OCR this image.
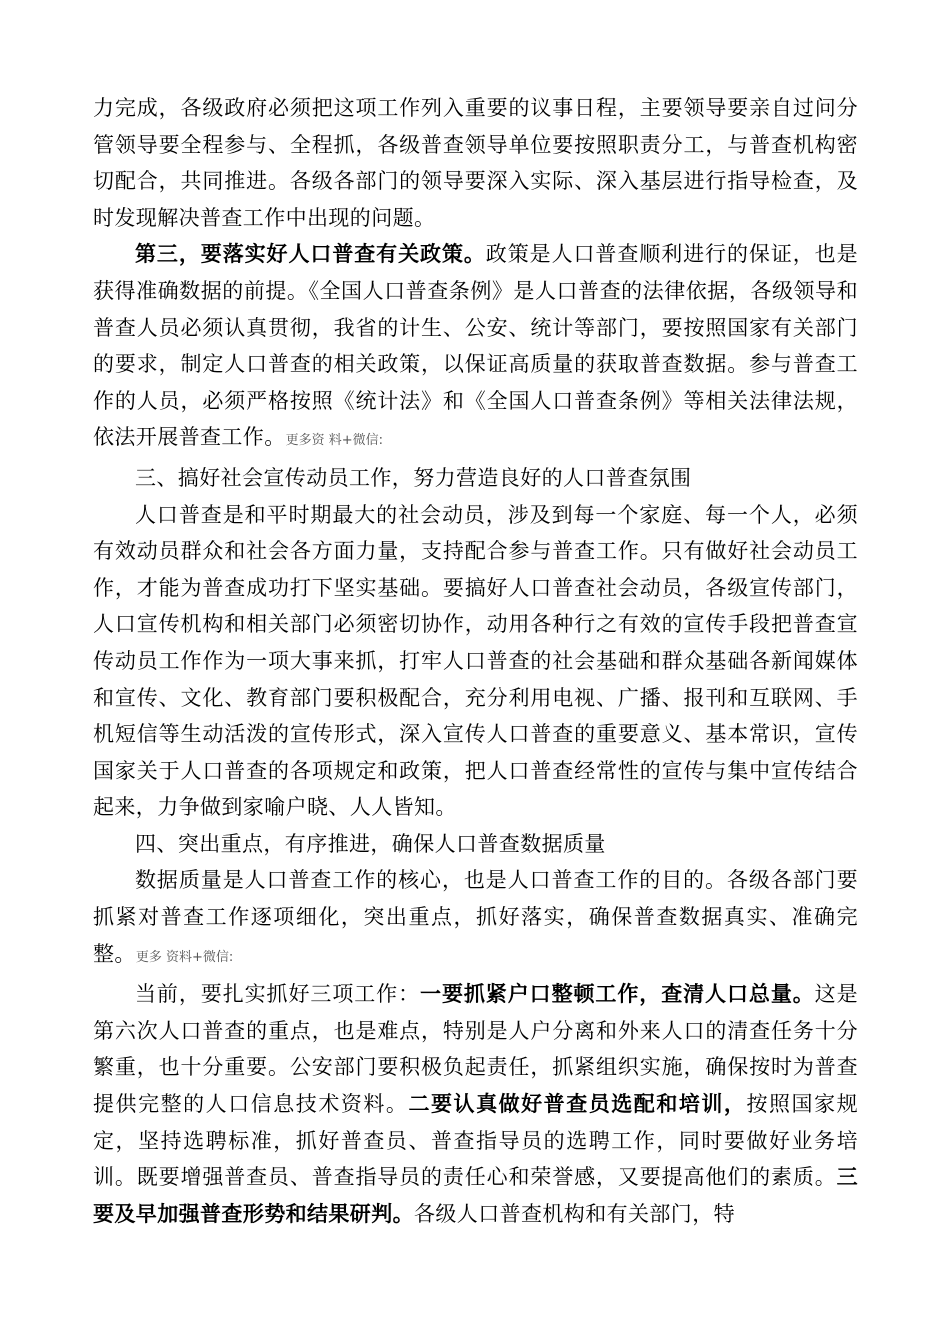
力完成，各级政府必须把这项工作列入重要的议事日程，主要领导要亲自过问分管领导要全程参与、全程抓，各级普查领导单位要按照职责分工，与普查机构密切配合，共同推进。各级各部门的领导要深入实际、深入基层进行指导检查，及时发现解决普查工作中出现的问题。

第三，要落实好人口普查有关政策。政策是人口普查顺利进行的保证，也是获得准确数据的前提。《全国人口普查条例》是人口普查的法律依据，各级领导和普查人员必须认真贯彻，我省的计生、公安、统计等部门，要按照国家有关部门的要求，制定人口普查的相关政策，以保证高质量的获取普查数据。参与普查工作的人员，必须严格按照《统计法》和《全国人口普查条例》等相关法律法规，依法开展普查工作。更多资 料+微信:

三、搞好社会宣传动员工作，努力营造良好的人口普查氛围

人口普查是和平时期最大的社会动员，涉及到每一个家庭、每一个人，必须有效动员群众和社会各方面力量，支持配合参与普查工作。只有做好社会动员工作，才能为普查成功打下坚实基础。要搞好人口普查社会动员，各级宣传部门，人口宣传机构和相关部门必须密切协作，动用各种行之有效的宣传手段把普查宣传动员工作作为一项大事来抓，打牢人口普查的社会基础和群众基础各新闻媒体和宣传、文化、教育部门要积极配合，充分利用电视、广播、报刊和互联网、手机短信等生动活泼的宣传形式，深入宣传人口普查的重要意义、基本常识，宣传国家关于人口普查的各项规定和政策，把人口普查经常性的宣传与集中宣传结合起来，力争做到家喻户晓、人人皆知。

四、突出重点，有序推进，确保人口普查数据质量

数据质量是人口普查工作的核心，也是人口普查工作的目的。各级各部门要抓紧对普查工作逐项细化，突出重点，抓好落实，确保普查数据真实、准确完整。更多 资料+微信:

当前，要扎实抓好三项工作：一要抓紧户口整顿工作，查清人口总量。这是第六次人口普查的重点，也是难点，特别是人户分离和外来人口的清查任务十分繁重，也十分重要。公安部门要积极负起责任，抓紧组织实施，确保按时为普查提供完整的人口信息技术资料。二要认真做好普查员选配和培训，按照国家规定，坚持选聘标准，抓好普查员、普查指导员的选聘工作，同时要做好业务培训。既要增强普查员、普查指导员的责任心和荣誉感，又要提高他们的素质。三要及早加强普查形势和结果研判。各级人口普查机构和有关部门，特
